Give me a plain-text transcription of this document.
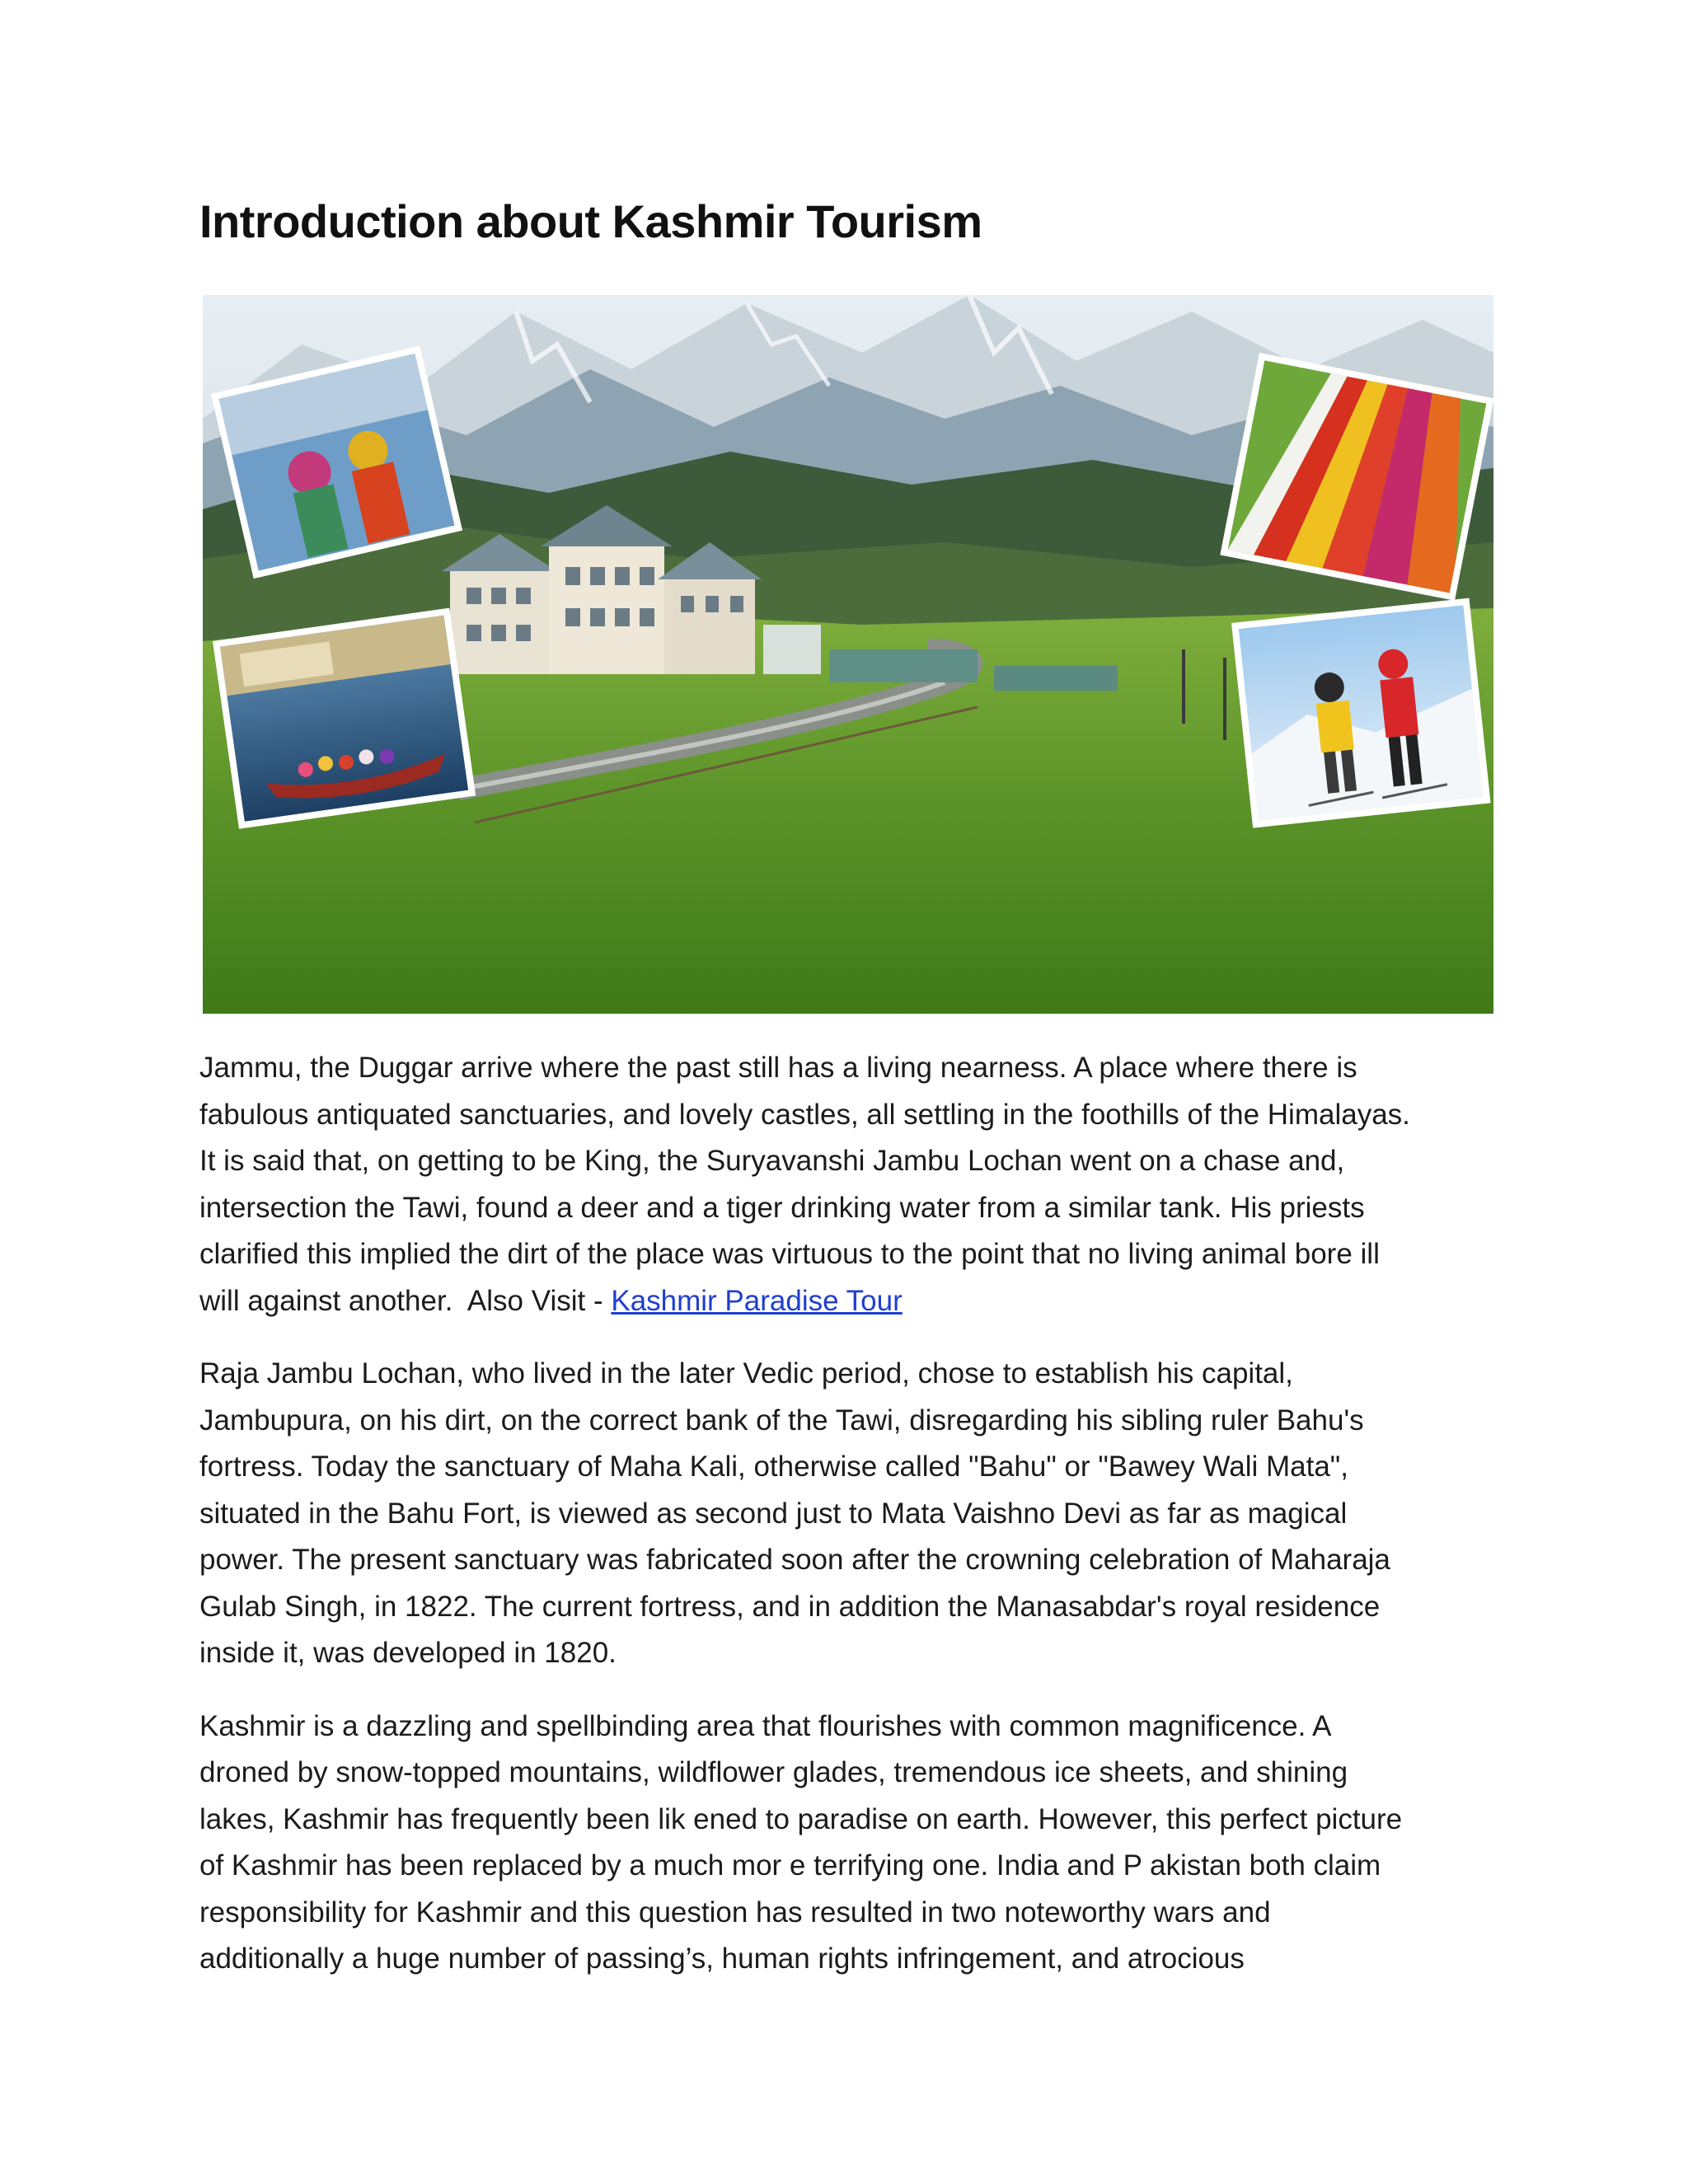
Introduction about Kashmir Tourism

Jammu, the Duggar arrive where the past still has a living nearness. A place where there is
fabulous antiquated sanctuaries, and lovely castles, all settling in the foothills of the Himalayas.
It is said that, on getting to be King, the Suryavanshi Jambu Lochan went on a chase and,
intersection the Tawi, found a deer and a tiger drinking water from a similar tank. His priests
clarified this implied the dirt of the place was virtuous to the point that no living animal bore ill
will against another.  Also Visit - Kashmir Paradise Tour

Raja Jambu Lochan, who lived in the later Vedic period, chose to establish his capital,
Jambupura, on his dirt, on the correct bank of the Tawi, disregarding his sibling ruler Bahu's
fortress. Today the sanctuary of Maha Kali, otherwise called "Bahu" or "Bawey Wali Mata",
situated in the Bahu Fort, is viewed as second just to Mata Vaishno Devi as far as magical
power. The present sanctuary was fabricated soon after the crowning celebration of Maharaja
Gulab Singh, in 1822. The current fortress, and in addition the Manasabdar's royal residence
inside it, was developed in 1820.

Kashmir is a dazzling and spellbinding area that flourishes with common magnificence. A
droned by snow-topped mountains, wildflower glades, tremendous ice sheets, and shining
lakes, Kashmir has frequently been lik ened to paradise on earth. However, this perfect picture
of Kashmir has been replaced by a much mor e terrifying one. India and P akistan both claim
responsibility for Kashmir and this question has resulted in two noteworthy wars and
additionally a huge number of passing’s, human rights infringement, and atrocious
